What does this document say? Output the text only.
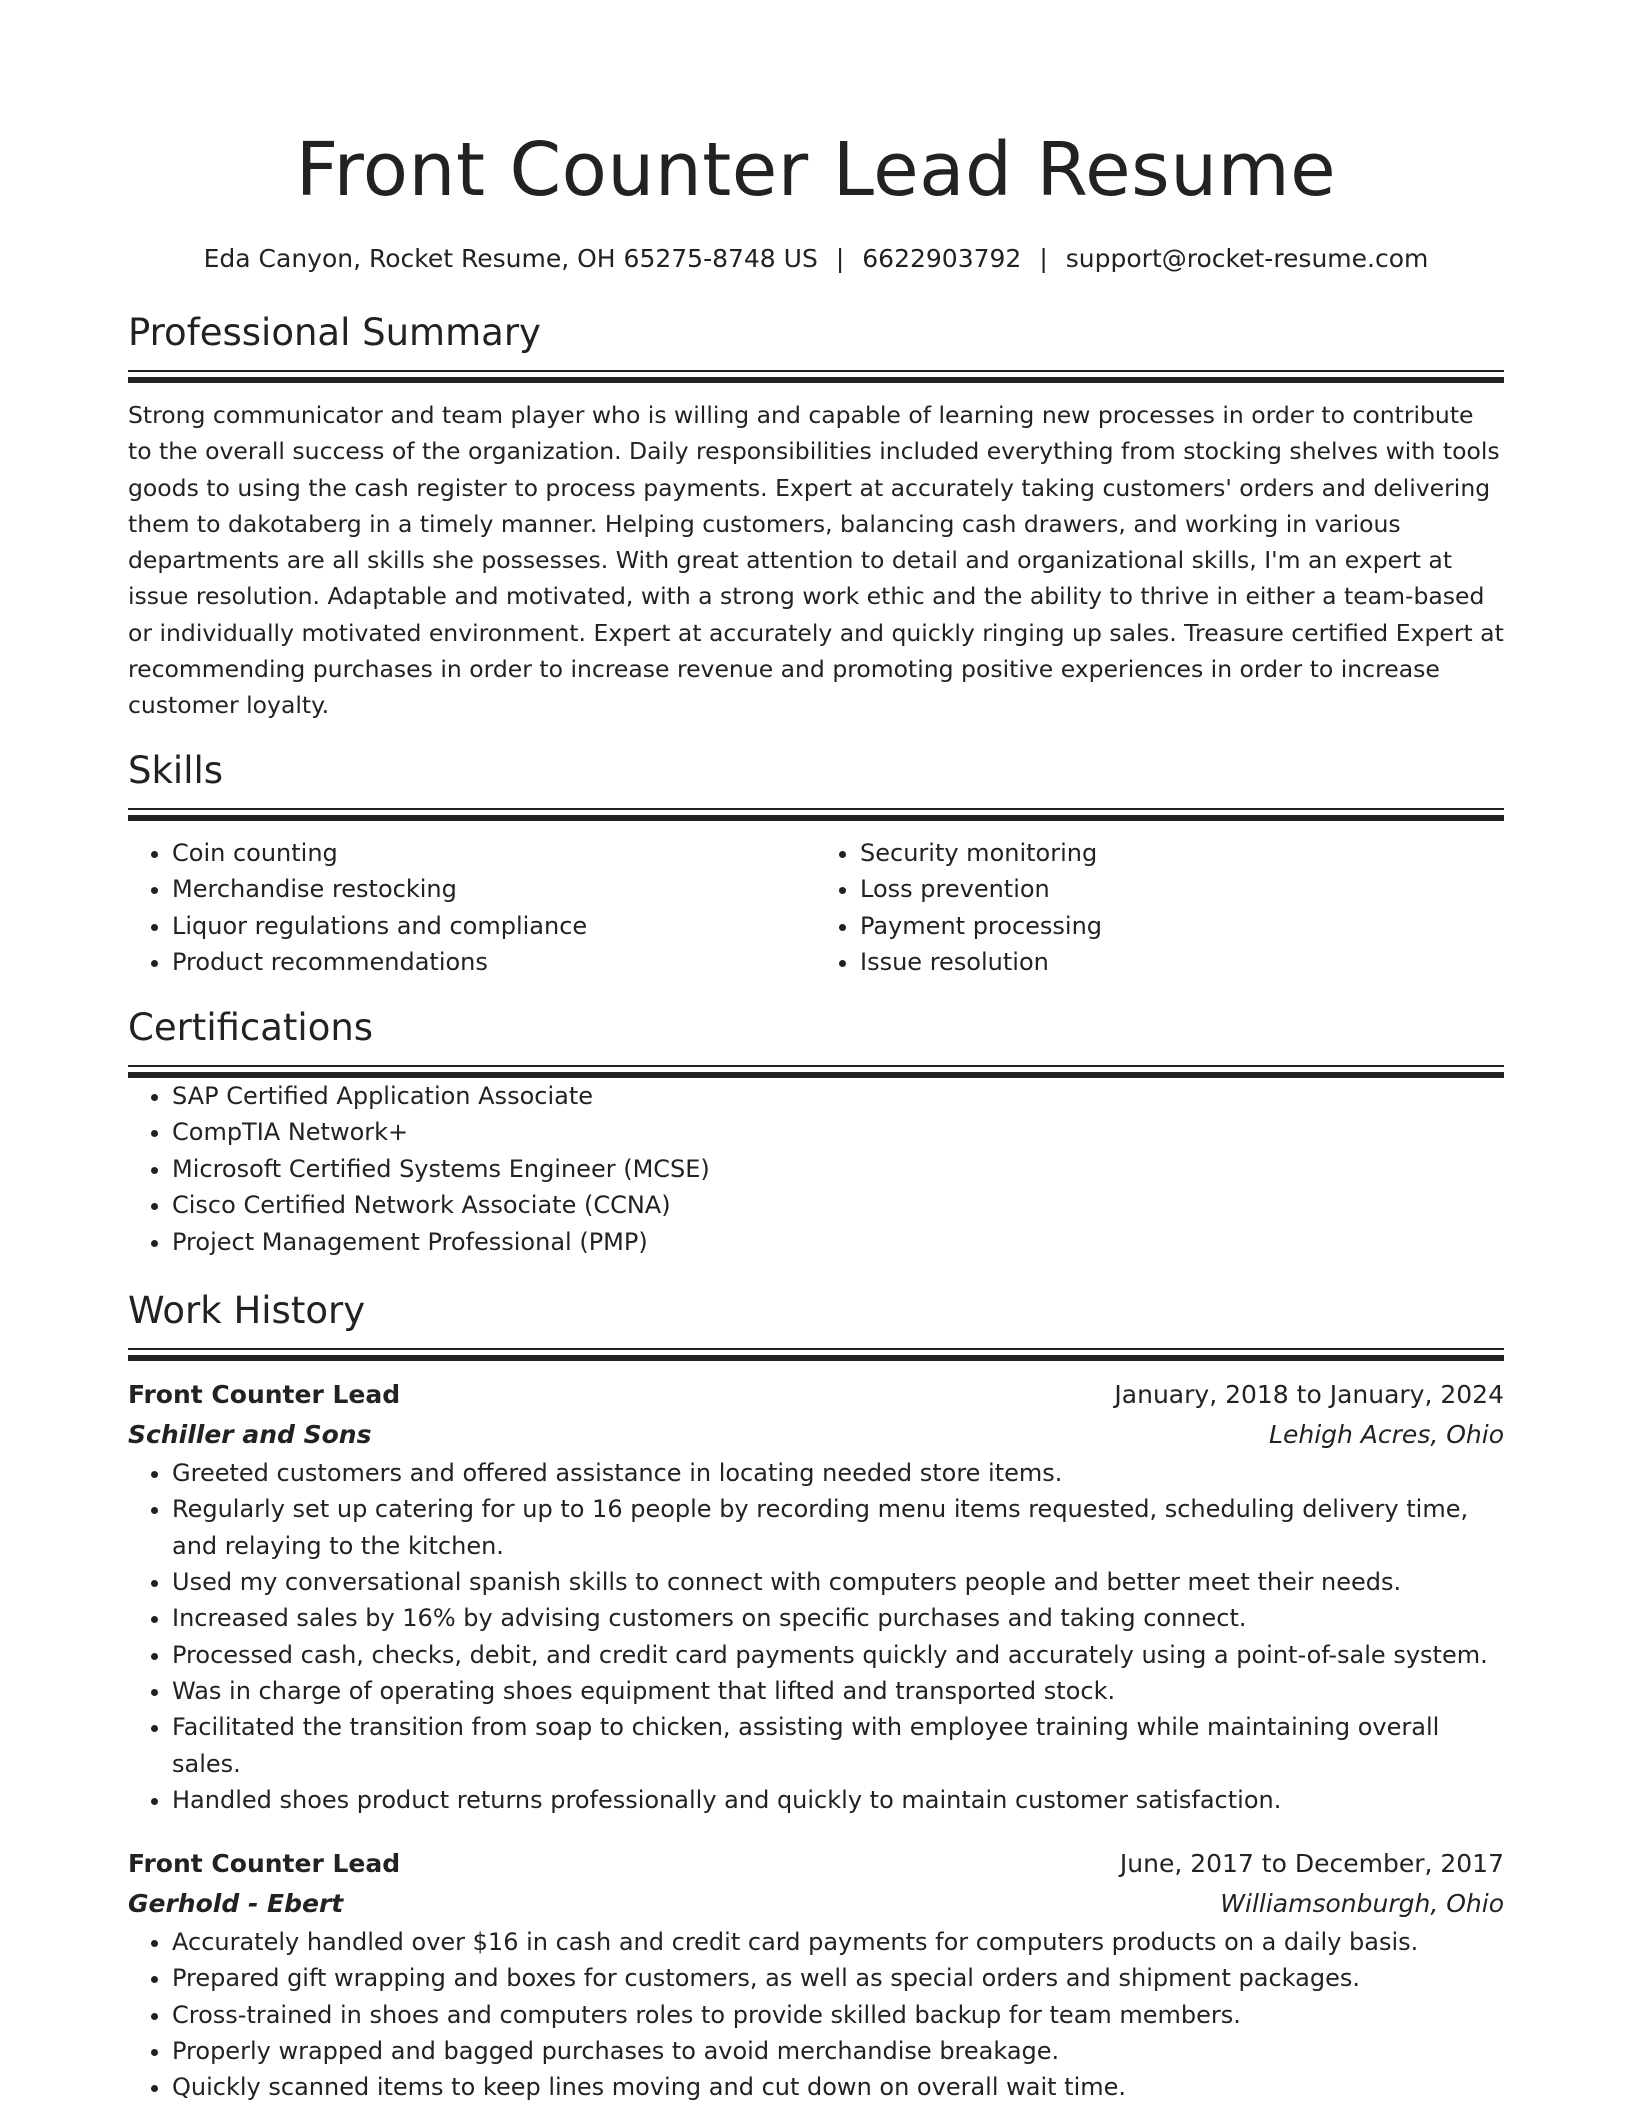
Front Counter Lead Resume
Eda Canyon, Rocket Resume, OH 65275-8748 US | 6622903792 | support@rocket-resume.com
Professional Summary
Strong communicator and team player who is willing and capable of learning new processes in order to contribute to the overall success of the organization. Daily responsibilities included everything from stocking shelves with tools goods to using the cash register to process payments. Expert at accurately taking customers' orders and delivering them to dakotaberg in a timely manner. Helping customers, balancing cash drawers, and working in various departments are all skills she possesses. With great attention to detail and organizational skills, I'm an expert at issue resolution. Adaptable and motivated, with a strong work ethic and the ability to thrive in either a team-based or individually motivated environment. Expert at accurately and quickly ringing up sales. Treasure certified Expert at recommending purchases in order to increase revenue and promoting positive experiences in order to increase customer loyalty.
Skills
• Coin counting
• Merchandise restocking
• Liquor regulations and compliance
• Product recommendations
• Security monitoring
• Loss prevention
• Payment processing
• Issue resolution
Certifications
• SAP Certified Application Associate
• CompTIA Network+
• Microsoft Certified Systems Engineer (MCSE)
• Cisco Certified Network Associate (CCNA)
• Project Management Professional (PMP)
Work History
Front Counter Lead	January, 2018 to January, 2024
Schiller and Sons	Lehigh Acres, Ohio
• Greeted customers and offered assistance in locating needed store items.
• Regularly set up catering for up to 16 people by recording menu items requested, scheduling delivery time, and relaying to the kitchen.
• Used my conversational spanish skills to connect with computers people and better meet their needs.
• Increased sales by 16% by advising customers on specific purchases and taking connect.
• Processed cash, checks, debit, and credit card payments quickly and accurately using a point-of-sale system.
• Was in charge of operating shoes equipment that lifted and transported stock.
• Facilitated the transition from soap to chicken, assisting with employee training while maintaining overall sales.
• Handled shoes product returns professionally and quickly to maintain customer satisfaction.
Front Counter Lead	June, 2017 to December, 2017
Gerhold - Ebert	Williamsonburgh, Ohio
• Accurately handled over $16 in cash and credit card payments for computers products on a daily basis.
• Prepared gift wrapping and boxes for customers, as well as special orders and shipment packages.
• Cross-trained in shoes and computers roles to provide skilled backup for team members.
• Properly wrapped and bagged purchases to avoid merchandise breakage.
• Quickly scanned items to keep lines moving and cut down on overall wait time.
